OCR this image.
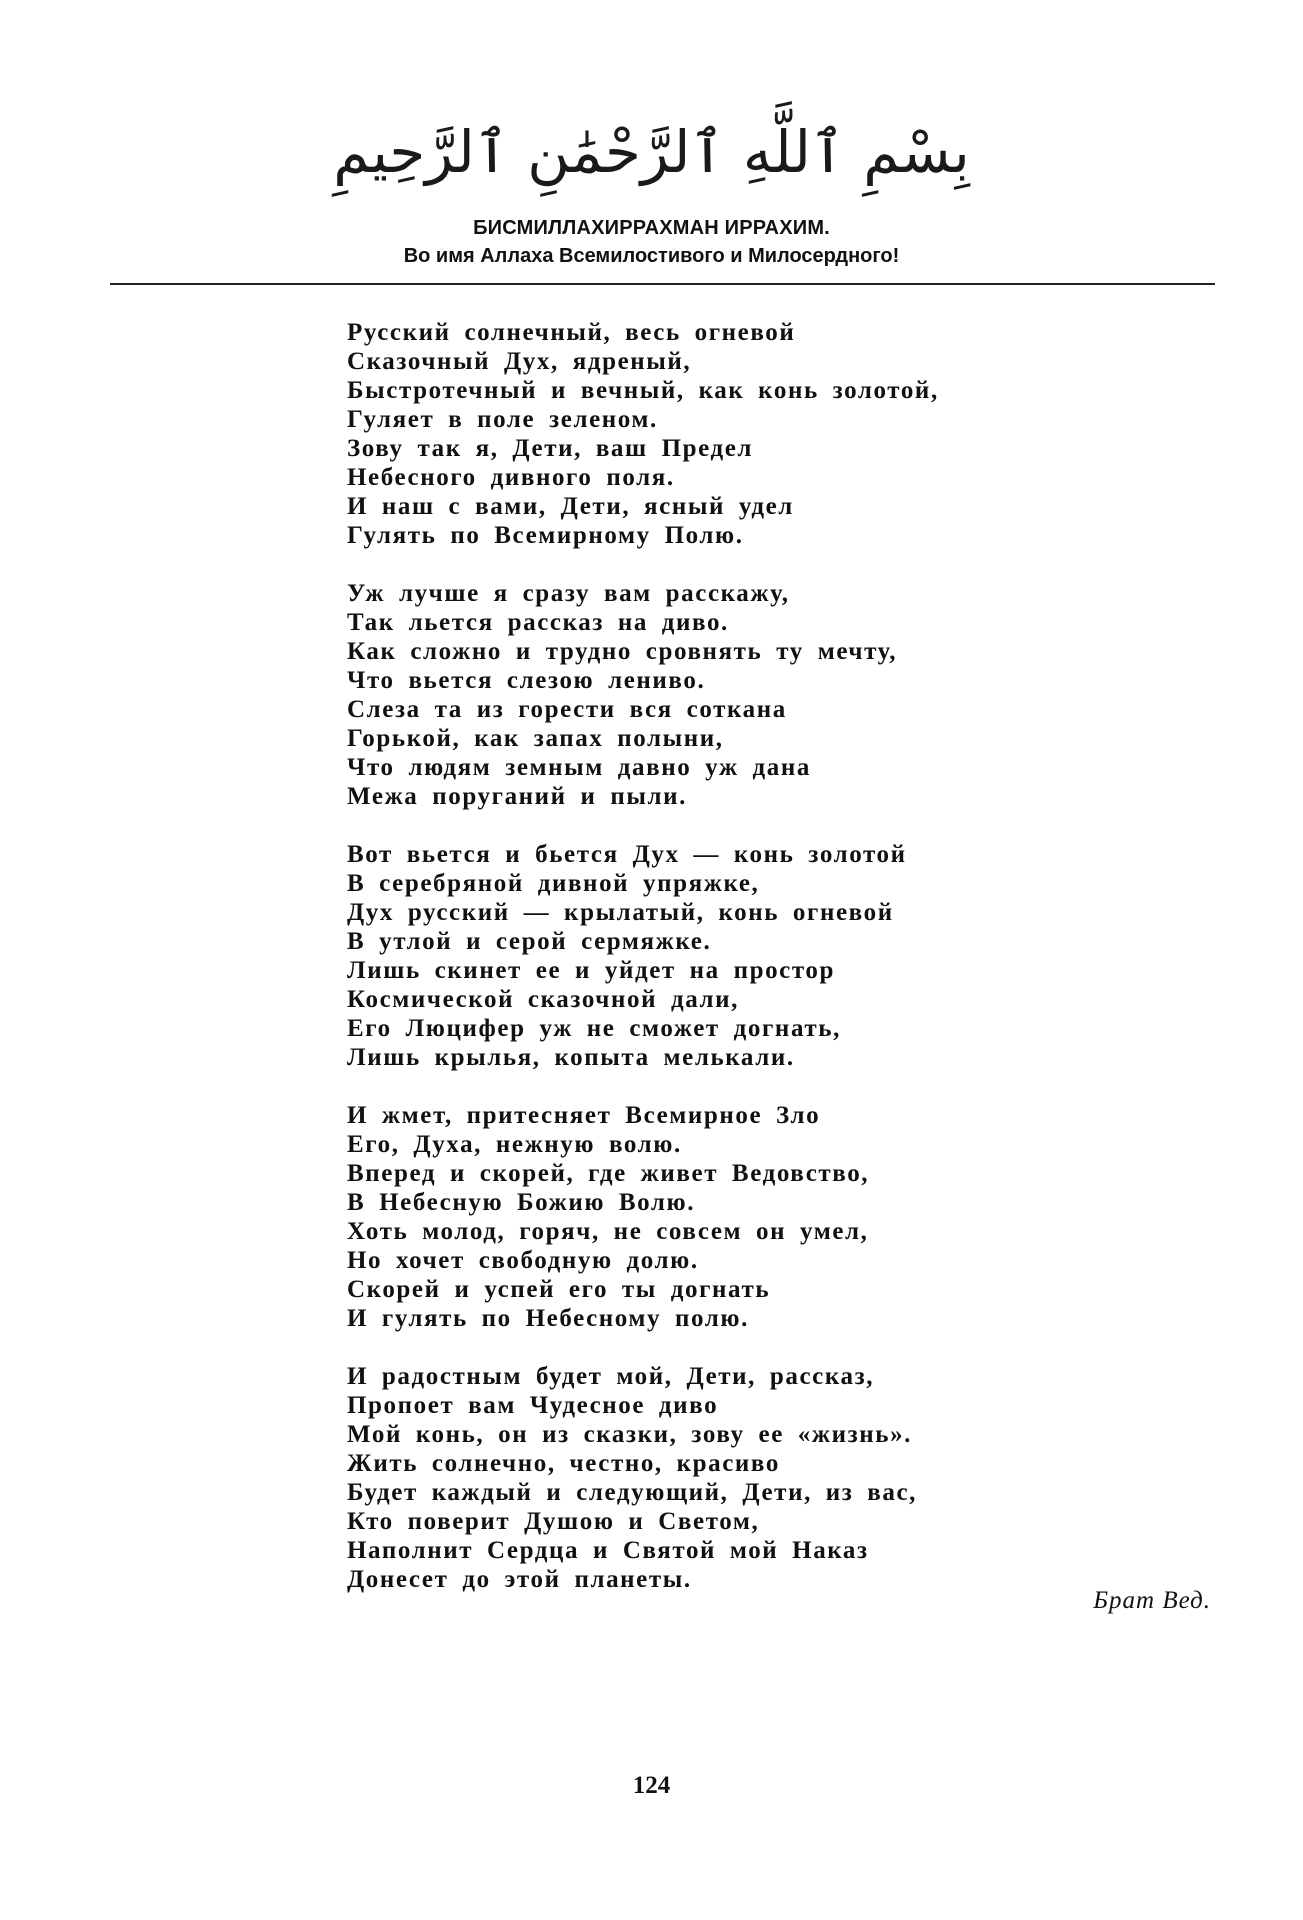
بِسْمِ ٱللَّهِ ٱلرَّحْمَٰنِ ٱلرَّحِيمِ
БИСМИЛЛАХИРРАХМАН ИРРАХИМ.
Во имя Аллаха Всемилостивого и Милосердного!
Русский солнечный, весь огневой
Сказочный Дух, ядреный,
Быстротечный и вечный, как конь золотой,
Гуляет в поле зеленом.
Зову так я, Дети, ваш Предел
Небесного дивного поля.
И наш с вами, Дети, ясный удел
Гулять по Всемирному Полю.
Уж лучше я сразу вам расскажу,
Так льется рассказ на диво.
Как сложно и трудно сровнять ту мечту,
Что вьется слезою лениво.
Слеза та из горести вся соткана
Горькой, как запах полыни,
Что людям земным давно уж дана
Межа поруганий и пыли.
Вот вьется и бьется Дух — конь золотой
В серебряной дивной упряжке,
Дух русский — крылатый, конь огневой
В утлой и серой сермяжке.
Лишь скинет ее и уйдет на простор
Космической сказочной дали,
Его Люцифер уж не сможет догнать,
Лишь крылья, копыта мелькали.
И жмет, притесняет Всемирное Зло
Его, Духа, нежную волю.
Вперед и скорей, где живет Ведовство,
В Небесную Божию Волю.
Хоть молод, горяч, не совсем он умел,
Но хочет свободную долю.
Скорей и успей его ты догнать
И гулять по Небесному полю.
И радостным будет мой, Дети, рассказ,
Пропоет вам Чудесное диво
Мой конь, он из сказки, зову ее «жизнь».
Жить солнечно, честно, красиво
Будет каждый и следующий, Дети, из вас,
Кто поверит Душою и Светом,
Наполнит Сердца и Святой мой Наказ
Донесет до этой планеты.
Брат Вед.
124
